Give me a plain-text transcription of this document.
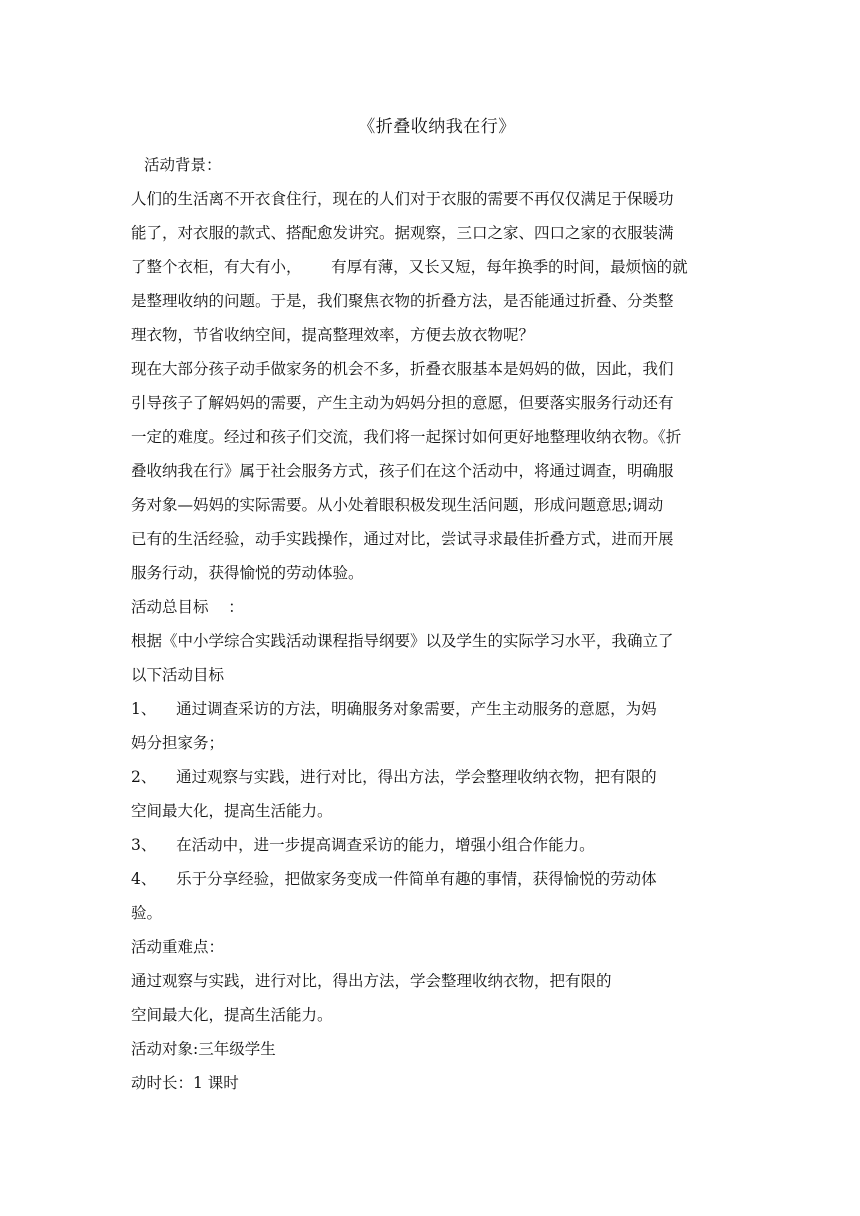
《折叠收纳我在行》
活动背景：
人们的生活离不开衣食住行，现在的人们对于衣服的需要不再仅仅满足于保暖功
能了，对衣服的款式、搭配愈发讲究。据观察，三口之家、四口之家的衣服装满
了整个衣柜，有大有小，      有厚有薄，又长又短，每年换季的时间，最烦恼的就
是整理收纳的问题。于是，我们聚焦衣物的折叠方法，是否能通过折叠、分类整
理衣物，节省收纳空间，提高整理效率，方便去放衣物呢？
现在大部分孩子动手做家务的机会不多，折叠衣服基本是妈妈的做，因此，我们
引导孩子了解妈妈的需要，产生主动为妈妈分担的意愿，但要落实服务行动还有
一定的难度。经过和孩子们交流，我们将一起探讨如何更好地整理收纳衣物。《折
叠收纳我在行》属于社会服务方式，孩子们在这个活动中，将通过调查，明确服
务对象—妈妈的实际需要。从小处着眼积极发现生活问题，形成问题意思;调动
已有的生活经验，动手实践操作，通过对比，尝试寻求最佳折叠方式，进而开展
服务行动，获得愉悦的劳动体验。
活动总目标    ：
根据《中小学综合实践活动课程指导纲要》以及学生的实际学习水平，我确立了
以下活动目标
1、    通过调查采访的方法，明确服务对象需要，产生主动服务的意愿，为妈
妈分担家务；
2、    通过观察与实践，进行对比，得出方法，学会整理收纳衣物，把有限的
空间最大化，提高生活能力。
3、    在活动中，进一步提高调查采访的能力，增强小组合作能力。
4、    乐于分享经验，把做家务变成一件简单有趣的事情，获得愉悦的劳动体
验。
活动重难点：
通过观察与实践，进行对比，得出方法，学会整理收纳衣物，把有限的
空间最大化，提高生活能力。
活动对象:三年级学生
动时长：1 课时
